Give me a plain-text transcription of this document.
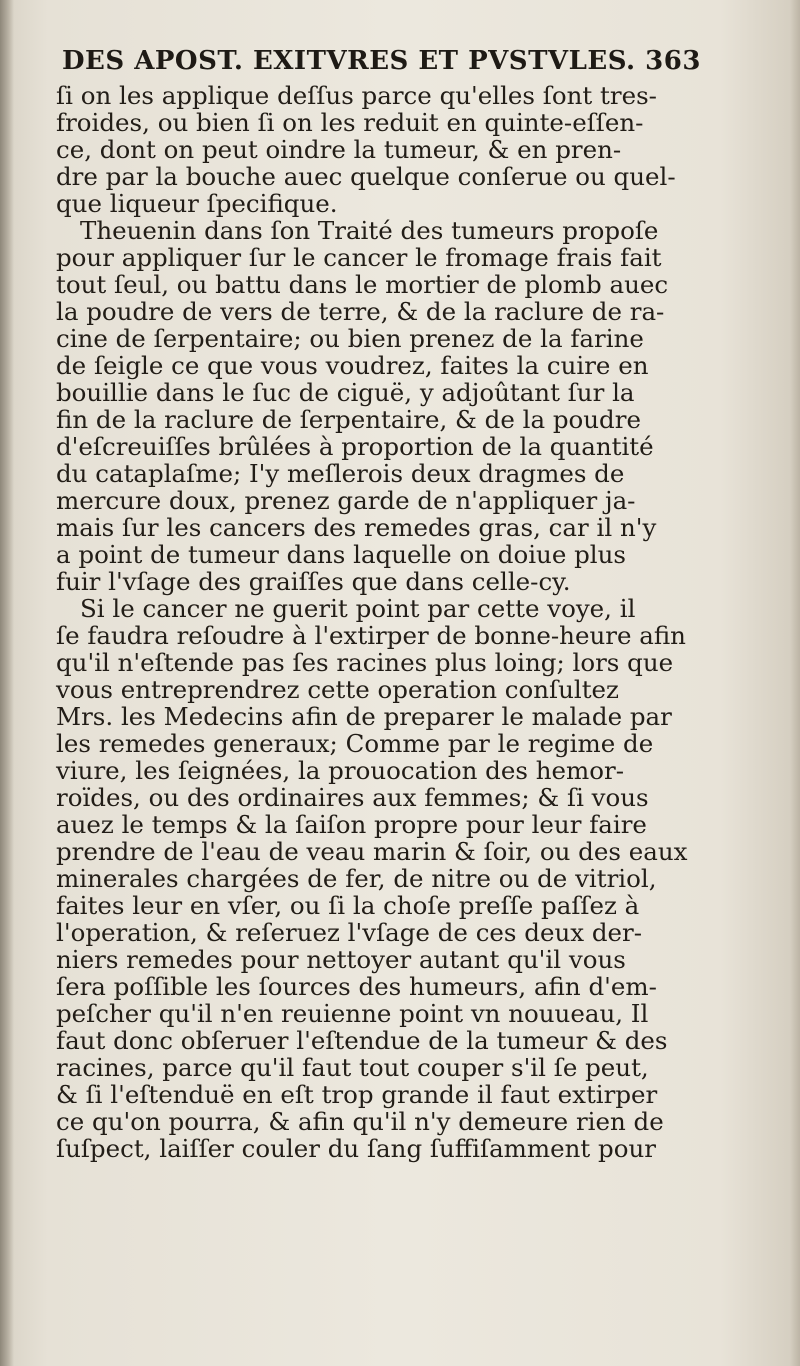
DES APOST. EXITVRES ET PVSTVLES. 363
ſi on les applique deſſus parce qu'elles ſont tres-
froides, ou bien ſi on les reduit en quinte-eſſen-
ce, dont on peut oindre la tumeur, & en pren-
dre par la bouche auec quelque conſerue ou quel-
que liqueur ſpecifique.
Theuenin dans ſon Traité des tumeurs propoſe
pour appliquer ſur le cancer le fromage frais fait
tout ſeul, ou battu dans le mortier de plomb auec
la poudre de vers de terre, & de la raclure de ra-
cine de ſerpentaire; ou bien prenez de la farine
de ſeigle ce que vous voudrez, faites la cuire en
bouillie dans le ſuc de ciguë, y adjoûtant ſur la
fin de la raclure de ſerpentaire, & de la poudre
d'eſcreuiſſes brûlées à proportion de la quantité
du cataplaſme; I'y meſlerois deux dragmes de
mercure doux, prenez garde de n'appliquer ja-
mais ſur les cancers des remedes gras, car il n'y
a point de tumeur dans laquelle on doiue plus
fuir l'vſage des graiſſes que dans celle-cy.
Si le cancer ne guerit point par cette voye, il
ſe faudra reſoudre à l'extirper de bonne-heure afin
qu'il n'eſtende pas ſes racines plus loing; lors que
vous entreprendrez cette operation conſultez
Mrs. les Medecins afin de preparer le malade par
les remedes generaux; Comme par le regime de
viure, les ſeignées, la prouocation des hemor-
roïdes, ou des ordinaires aux femmes; & ſi vous
auez le temps & la ſaiſon propre pour leur faire
prendre de l'eau de veau marin & ſoir, ou des eaux
minerales chargées de fer, de nitre ou de vitriol,
faites leur en vſer, ou ſi la choſe preſſe paſſez à
l'operation, & reſeruez l'vſage de ces deux der-
niers remedes pour nettoyer autant qu'il vous
ſera poſſible les ſources des humeurs, afin d'em-
peſcher qu'il n'en reuienne point vn nouueau, Il
faut donc obſeruer l'eſtendue de la tumeur & des
racines, parce qu'il faut tout couper s'il ſe peut,
& ſi l'eſtenduë en eſt trop grande il faut extirper
ce qu'on pourra, & afin qu'il n'y demeure rien de
ſuſpect, laiſſer couler du ſang ſuffiſamment pour
